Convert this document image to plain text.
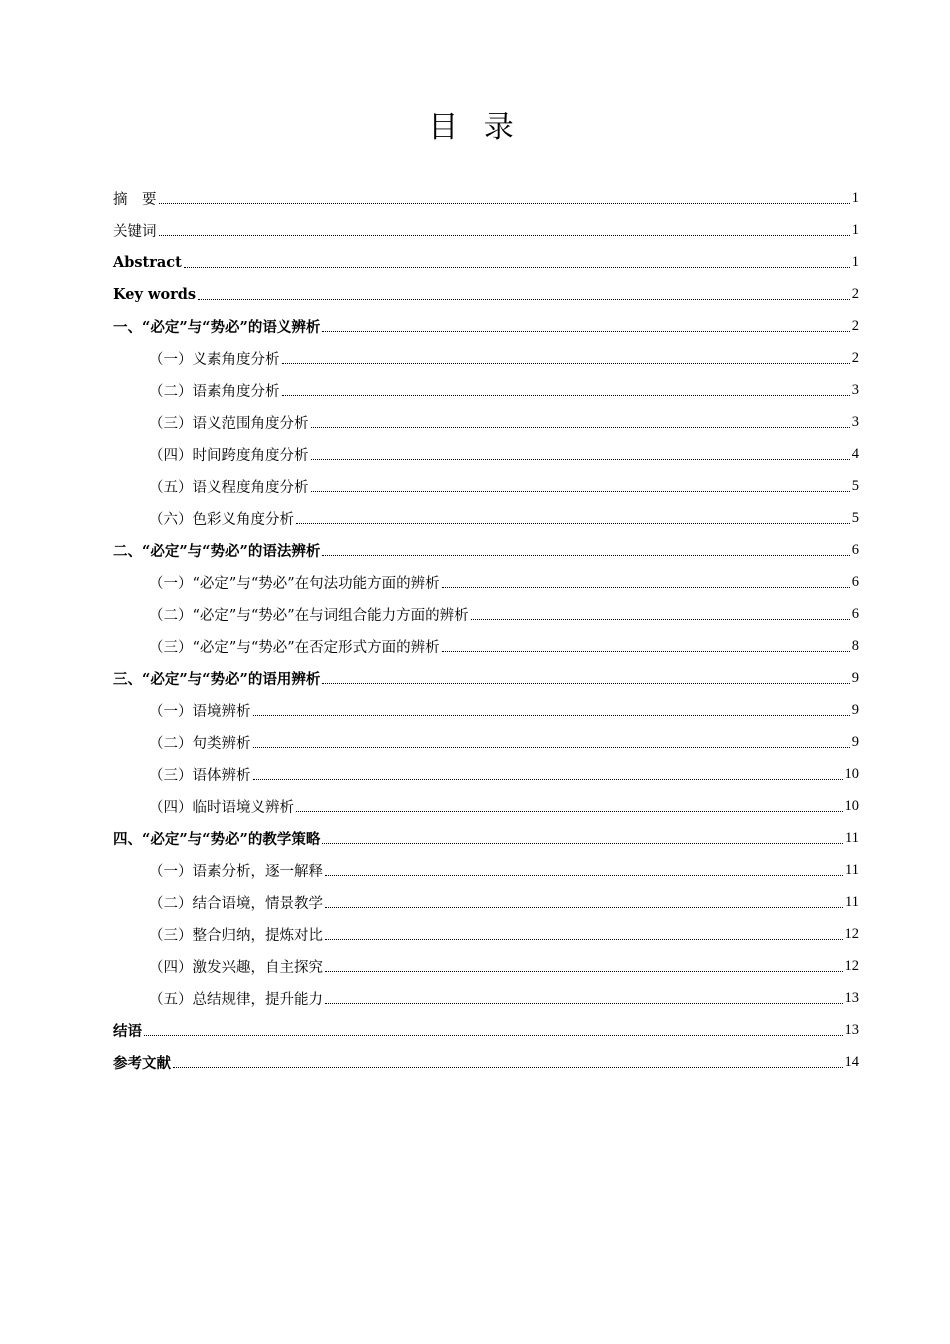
目 录
摘　要	1
关键词	1
Abstract	1
Key words	2
一、“必定”与“势必”的语义辨析	2
（一）义素角度分析	2
（二）语素角度分析	3
（三）语义范围角度分析	3
（四）时间跨度角度分析	4
（五）语义程度角度分析	5
（六）色彩义角度分析	5
二、“必定”与“势必”的语法辨析	6
（一）“必定”与“势必”在句法功能方面的辨析	6
（二）“必定”与“势必”在与词组合能力方面的辨析	6
（三）“必定”与“势必”在否定形式方面的辨析	8
三、“必定”与“势必”的语用辨析	9
（一）语境辨析	9
（二）句类辨析	9
（三）语体辨析	10
（四）临时语境义辨析	10
四、“必定”与“势必”的教学策略	11
（一）语素分析，逐一解释	11
（二）结合语境，情景教学	11
（三）整合归纳，提炼对比	12
（四）激发兴趣，自主探究	12
（五）总结规律，提升能力	13
结语	13
参考文献	14
